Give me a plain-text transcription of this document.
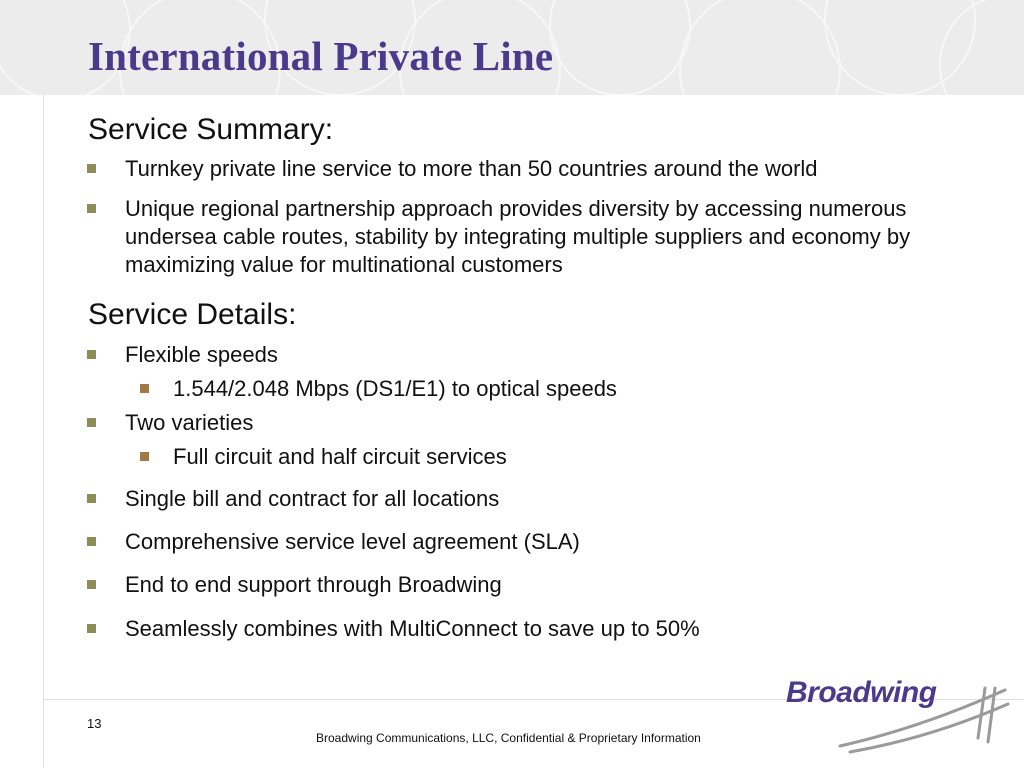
International Private Line
Service Summary:
Turnkey private line service to more than 50 countries around the world
Unique regional partnership approach provides diversity by accessing numerous undersea cable routes, stability by integrating multiple suppliers and economy by maximizing value for multinational customers
Service Details:
Flexible speeds
1.544/2.048 Mbps (DS1/E1) to optical speeds
Two varieties
Full circuit and half circuit services
Single bill and contract for all locations
Comprehensive service level agreement (SLA)
End to end support through Broadwing
Seamlessly combines with MultiConnect to save up to 50%
13
Broadwing Communications, LLC, Confidential & Proprietary Information
Broadwing
